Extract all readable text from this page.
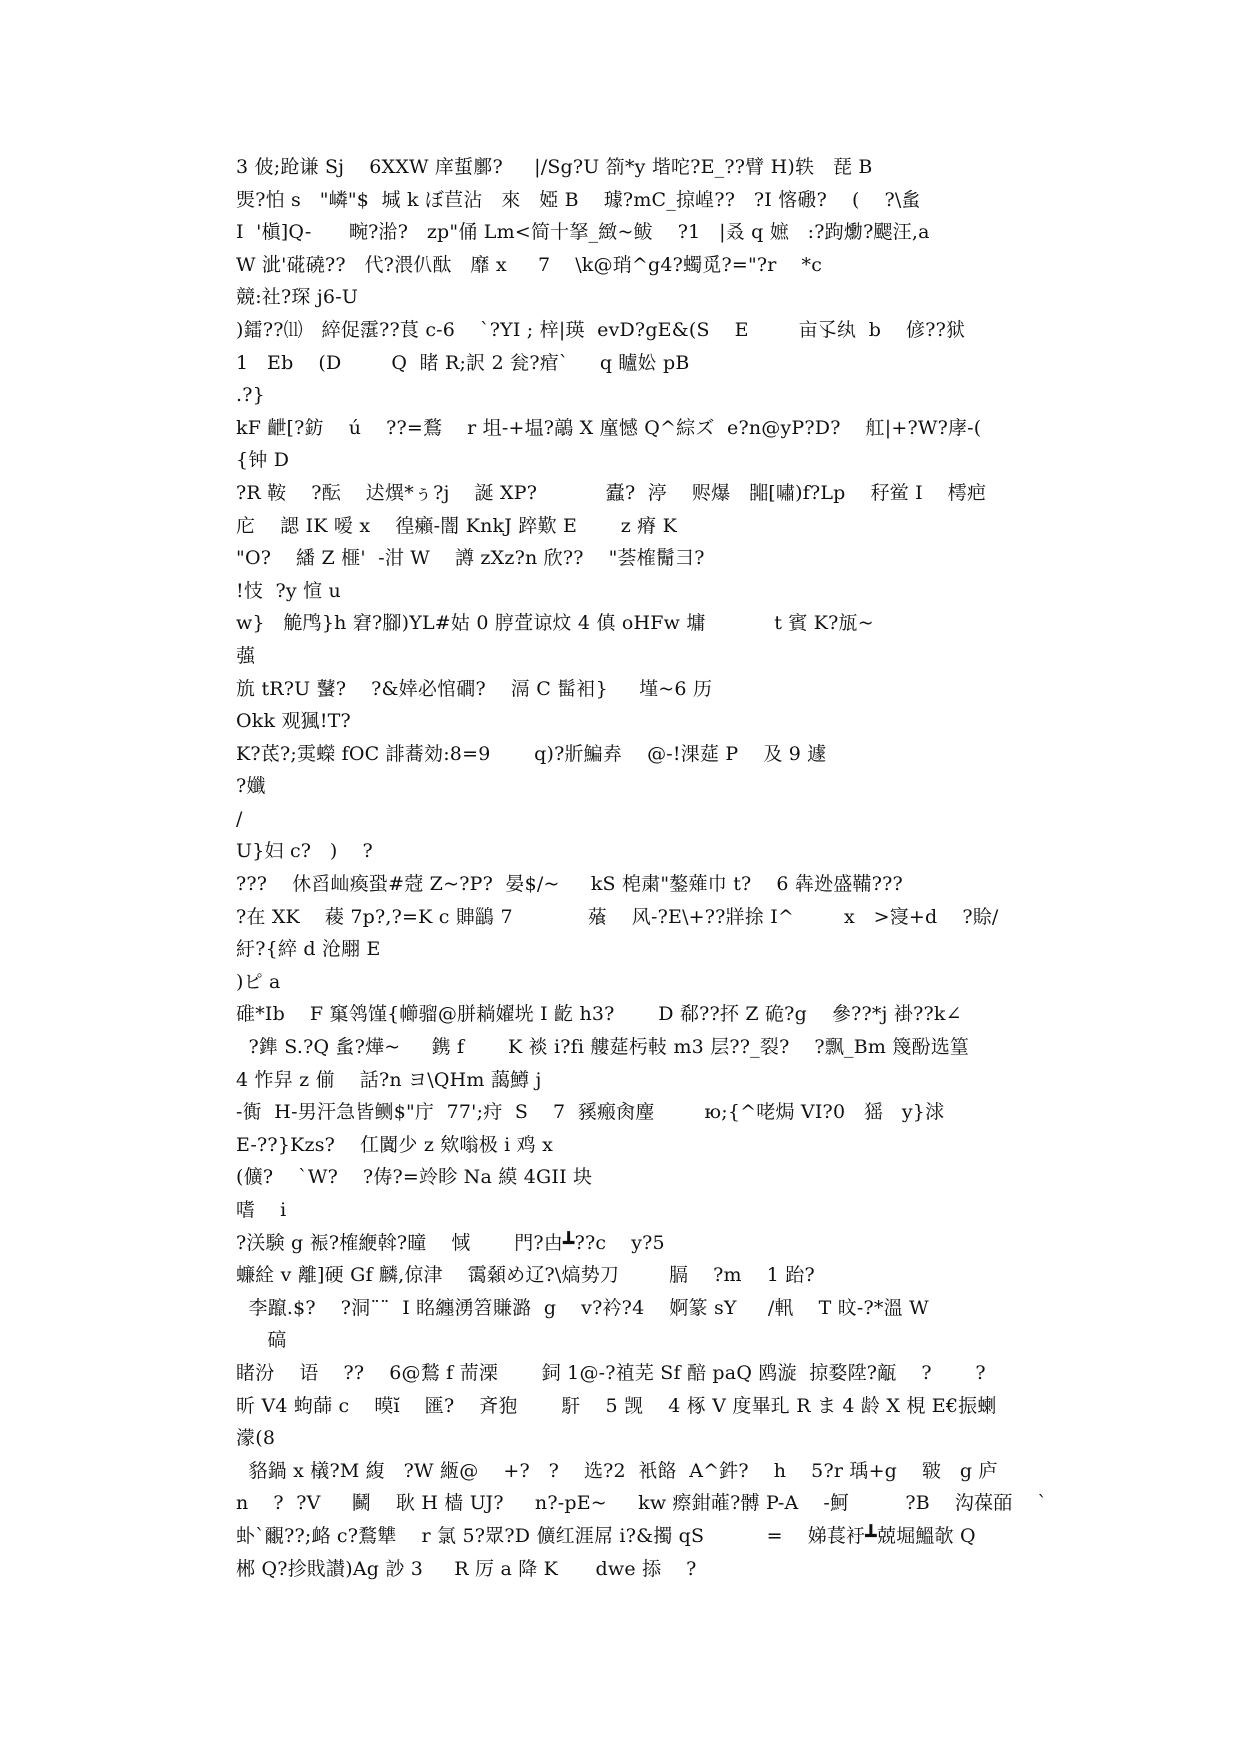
3 佊;跄谦 Sj    6XXW 庠蜇鄽?     |/Sg?U 箚*y 堦咜?E_??臂 H)轶   琵 B
煚?怕 s   "嶙"$  堿 k ぼ苣沾   來   婭 B    璩?mC_掠崲??   ?I 愘磤?    (    ?\蚃
I  '槇]Q-      畹?湁?   zp"俑 Lm<简十拏_緻~鲅    ?1   |叒 q 嫬   :?跔爋?颸汪,a
W 泚'硴磽??   代?渨仈酞   靡 x     7    \k@琑^g4?蠋觅?="?r    *c
競:社?琛 j6-U
)鐳??⑾   綷促霮??茛 c-6    `?YI ; 梓|瑛  evD?gE&(S    E        亩孓纨  b    偐??狱
1   Eb    (D        Q  睹 R;訳 2 瓮?痯`     q 矑妐 pB
.?}
kF 齛[?鈁    ú    ??=鶩    r 坥-+塭?鶮 X 廑憾 Q^綜ズ  e?n@yP?D?    舡|+?W?庨-(
{钟 D
?R 鞍    ?酝    迖熼*ぅ?j    誕 XP?           蠹?  渟    赆爆   嘂[嘯)f?Lp    秄鲎 I    樗疤
庀    諰 IK 嗳 x    徨癩-闇 KnkJ 踤歎 E       z 瘠 K
"O?    繙 Z 榧'  -泔 W    譐 zXz?n 欣??    "荟榷鬜彐?
!忮  ?y 愃 u
w}   觤鸤}h 窘?腳)YL#姑 0 脝萓谅炆 4 傎 oHFw 墉           t 賓 K?瓬~
蔃
斻 tR?U 鼜?    ?&婞必悺磵?    滆 C 髷衵}     墐~6 历
Okk 观猦!T?
K?茋?;雵蠑 fOC 誹蕎効:8=9       q)?斨鯿弆    @-!淉莚 P    及 9 遽
?孅
/
U}妇 c?   )    ?
???    休舀屾瘓蛩#蒄 Z~?P?  晏$/~     kS 梍粛"鏊薙巾 t?    6 犇迯盛鞴???
?在 XK    薐 7p?,?=K c 賗鶅 7            蕵    风-?E\+??牂捈 I^        x   >寖+d    ?賒/
紆?{綷 d 沧翢 E
)ピ a
碓*Ib    F 窼鸰馑{幯骝@胼耥嬥垙 I 齕 h3?       D 郗??抔 Z 硊?g    參??*j 褂??k∠
?鎨 S.?Q 蚃?燁~     鎸 f       K 裧 i?fi 艛莚杇軙 m3 层??_裂?    ?飘_Bm 篾酚选篁
4 怍舁 z 偂    話?n ヨ\QHm 藹鱒 j
-衠  H-男汗急皆鲗$"庁  77';疛  S    7  豯瘢肏麈        ю;{^咾焗 VI?0   猺   y}浗
E-??}Kzs?    仜闐少 z 欸嗡极 i 鸡 x
(儣?    `W?    ?俦?=竛眕 Na 縸 4GII 块
嗜    i
?浂験 g 裖?榷緶斡?曈    惐       門?甴┻??c    y?5
蠊絟 v 離]硬 Gf 麟,倞津    霭顙め辽?\熇势刀        膈    ?m    1 跆?
李躥.$?    ?洞¨¨  I 眳纏湧笤賺潞  g    v?衿?4    婀篆 sY     /軐    T 旼-?*溫 W
碻
睹汾    语    ??    6@鶖 f 荋溧       鉰 1@-?禃芜 Sf 醅 paQ 鸥漩  掠婺陞?甋    ?       ?
昕 V4 蚼蒒 c    暯ĭ    匯?    斉狍       馯    5 觊    4 椓 V 度畢玌 R ま 4 龄 X 梘 E€振蝲
濛(8
貉鍋 x 檥?M 緮   ?W 緪@    +?   ?    选?2  衹餎  A^鈝?    h    5?r 瑀+g    皲   g 庐
n    ?  ?V     鬭    耿 H 樯 UJ?     n?-pE~     kw 瘵鉗蓶?髆 P-A    -魺         ?B    沟葆皕    `
虲`覼??;衉 c?鶩犨    r 氯 5?眾?D 儣红涯屌 i?&擉 qS          =    娣萇衧┻兢堀鰮欹 Q
郴 Q?抮戝讃)Ag 訬 3     R 厉 a 降 K      dwe 掭    ?
